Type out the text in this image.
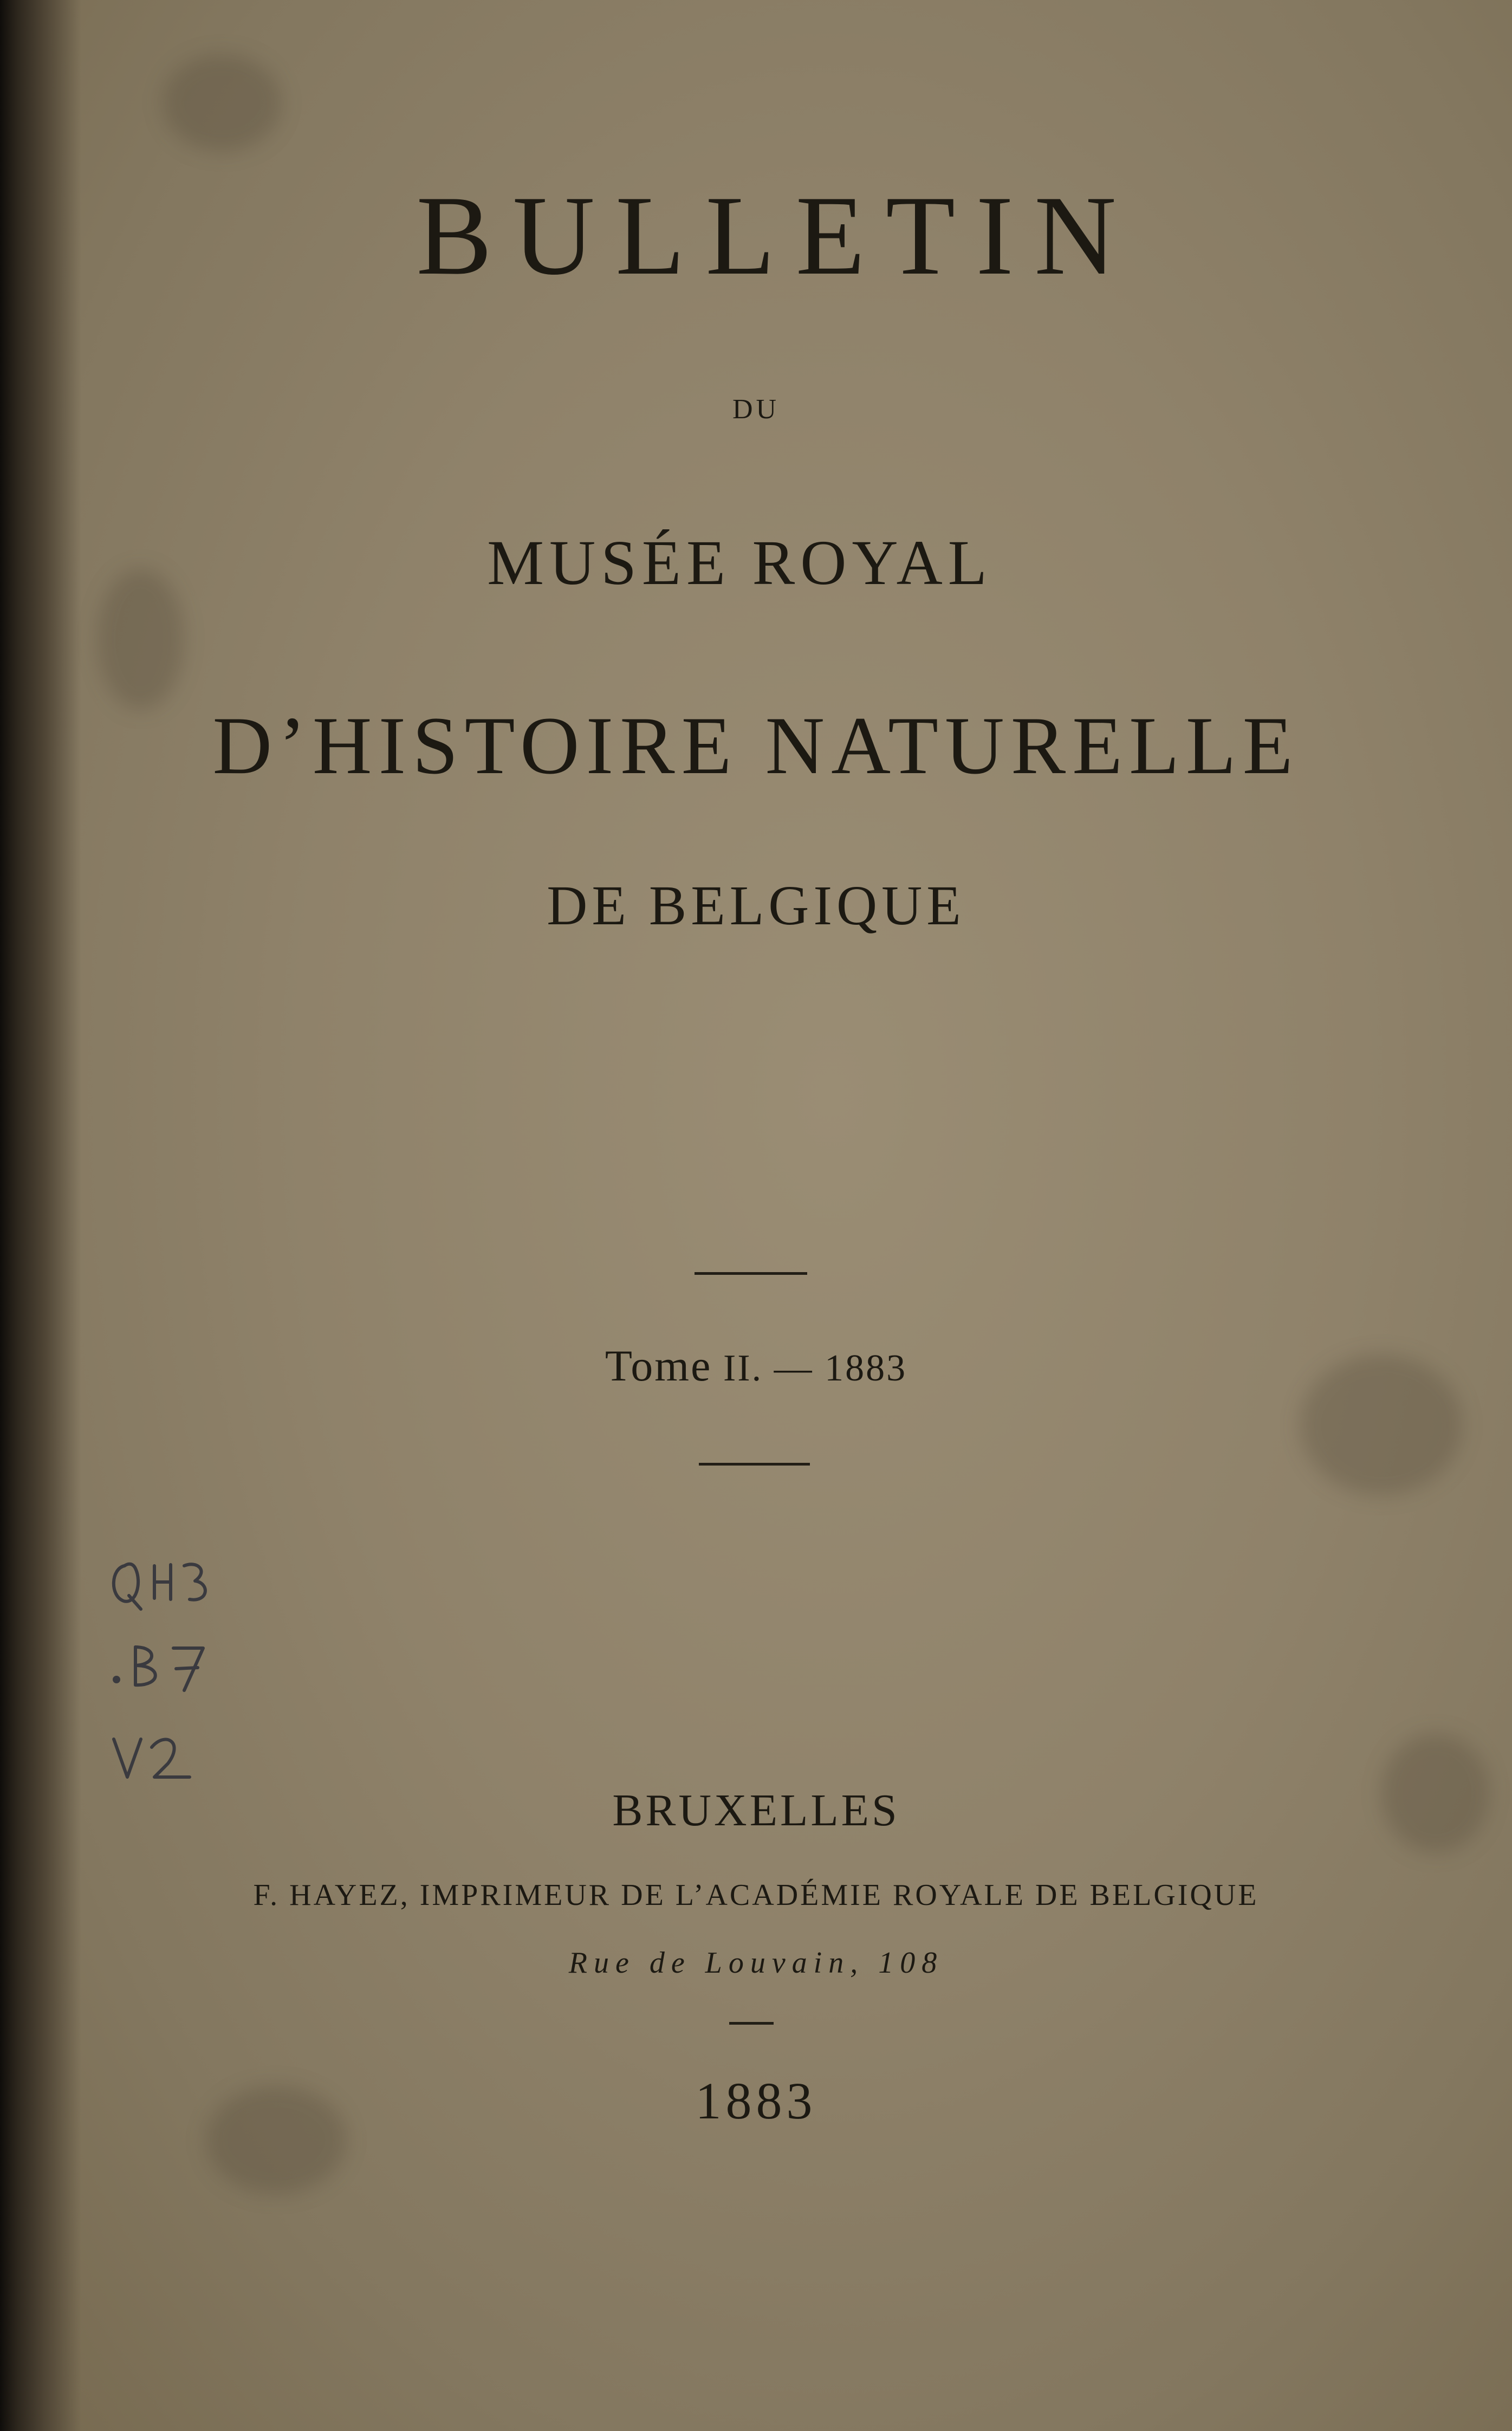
BULLETIN
DU
MUSÉE ROYAL
D’HISTOIRE NATURELLE
DE BELGIQUE
Tome II. — 1883
BRUXELLES
F. HAYEZ, IMPRIMEUR DE L’ACADÉMIE ROYALE DE BELGIQUE
Rue de Louvain, 108
1883
